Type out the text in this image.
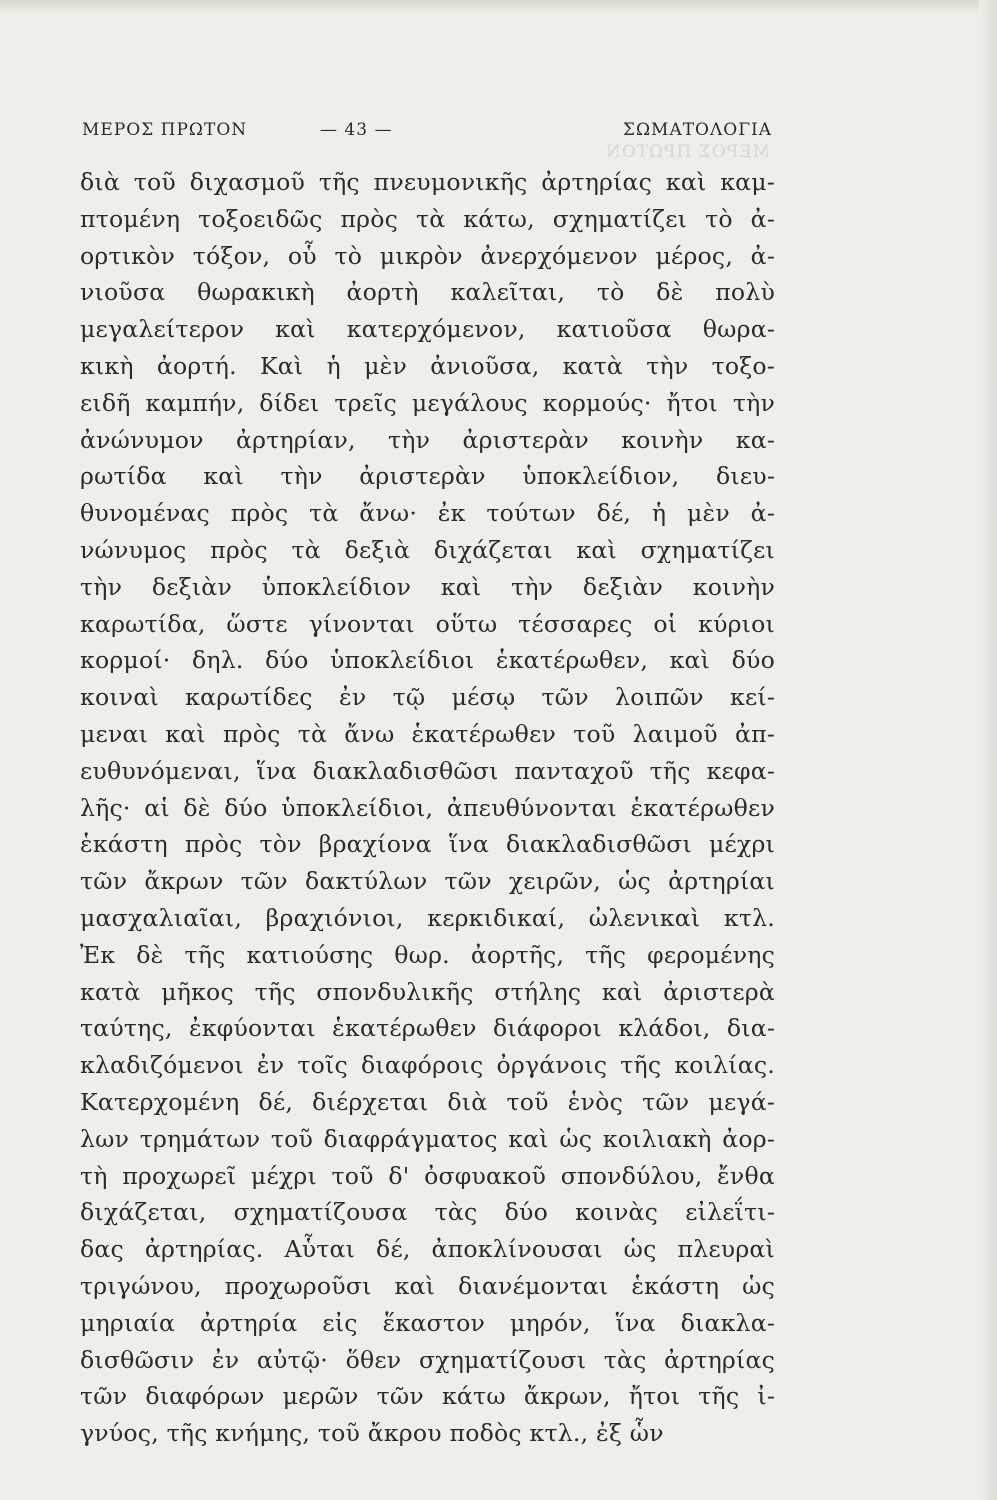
ΜΕΡΟΣ ΠΡΩΤΟΝ
ΜΕΡΟΣ ΠΡΩΤΟΝ	— 43 —	ΣΩΜΑΤΟΛΟΓΙΑ
διὰ τοῦ διχασμοῦ τῆς πνευμονικῆς ἀρτηρίας καὶ καμ-
πτομένη τοξοειδῶς πρὸς τὰ κάτω, σχηματίζει τὸ ἀ-
ορτικὸν τόξον, οὗ τὸ μικρὸν ἀνερχόμενον μέρος, ἀ-
νιοῦσα θωρακικὴ ἀορτὴ καλεῖται, τὸ δὲ πολὺ
μεγαλείτερον καὶ κατερχόμενον, κατιοῦσα θωρα-
κικὴ ἀορτή. Καὶ ἡ μὲν ἀνιοῦσα, κατὰ τὴν τοξο-
ειδῆ καμπήν, δίδει τρεῖς μεγάλους κορμούς· ἤτοι τὴν
ἀνώνυμον ἀρτηρίαν, τὴν ἀριστερὰν κοινὴν κα-
ρωτίδα καὶ τὴν ἀριστερὰν ὑποκλείδιον, διευ-
θυνομένας πρὸς τὰ ἄνω· ἐκ τούτων δέ, ἡ μὲν ἀ-
νώνυμος πρὸς τὰ δεξιὰ διχάζεται καὶ σχηματίζει
τὴν δεξιὰν ὑποκλείδιον καὶ τὴν δεξιὰν κοινὴν
καρωτίδα, ὥστε γίνονται οὕτω τέσσαρες οἱ κύριοι
κορμοί· δηλ. δύο ὑποκλείδιοι ἑκατέρωθεν, καὶ δύο
κοιναὶ καρωτίδες ἐν τῷ μέσῳ τῶν λοιπῶν κεί-
μεναι καὶ πρὸς τὰ ἄνω ἑκατέρωθεν τοῦ λαιμοῦ ἀπ-
ευθυνόμεναι, ἵνα διακλαδισθῶσι πανταχοῦ τῆς κεφα-
λῆς· αἱ δὲ δύο ὑποκλείδιοι, ἀπευθύνονται ἑκατέρωθεν
ἑκάστη πρὸς τὸν βραχίονα ἵνα διακλαδισθῶσι μέχρι
τῶν ἄκρων τῶν δακτύλων τῶν χειρῶν, ὡς ἀρτηρίαι
μασχαλιαῖαι, βραχιόνιοι, κερκιδικαί, ὠλενικαὶ κτλ.
Ἐκ δὲ τῆς κατιούσης θωρ. ἀορτῆς, τῆς φερομένης
κατὰ μῆκος τῆς σπονδυλικῆς στήλης καὶ ἀριστερὰ
ταύτης, ἐκφύονται ἑκατέρωθεν διάφοροι κλάδοι, δια-
κλαδιζόμενοι ἐν τοῖς διαφόροις ὀργάνοις τῆς κοιλίας.
Κατερχομένη δέ, διέρχεται διὰ τοῦ ἑνὸς τῶν μεγά-
λων τρημάτων τοῦ διαφράγματος καὶ ὡς κοιλιακὴ ἀορ-
τὴ προχωρεῖ μέχρι τοῦ δ' ὀσφυακοῦ σπονδύλου, ἔνθα
διχάζεται, σχηματίζουσα τὰς δύο κοινὰς εἰλεΐτι-
δας ἀρτηρίας. Αὗται δέ, ἀποκλίνουσαι ὡς πλευραὶ
τριγώνου, προχωροῦσι καὶ διανέμονται ἑκάστη ὡς
μηριαία ἀρτηρία εἰς ἕκαστον μηρόν, ἵνα διακλα-
δισθῶσιν ἐν αὐτῷ· ὅθεν σχηματίζουσι τὰς ἀρτηρίας
τῶν διαφόρων μερῶν τῶν κάτω ἄκρων, ἤτοι τῆς ἰ-
γνύος, τῆς κνήμης, τοῦ ἄκρου ποδὸς κτλ., ἐξ ὧν
